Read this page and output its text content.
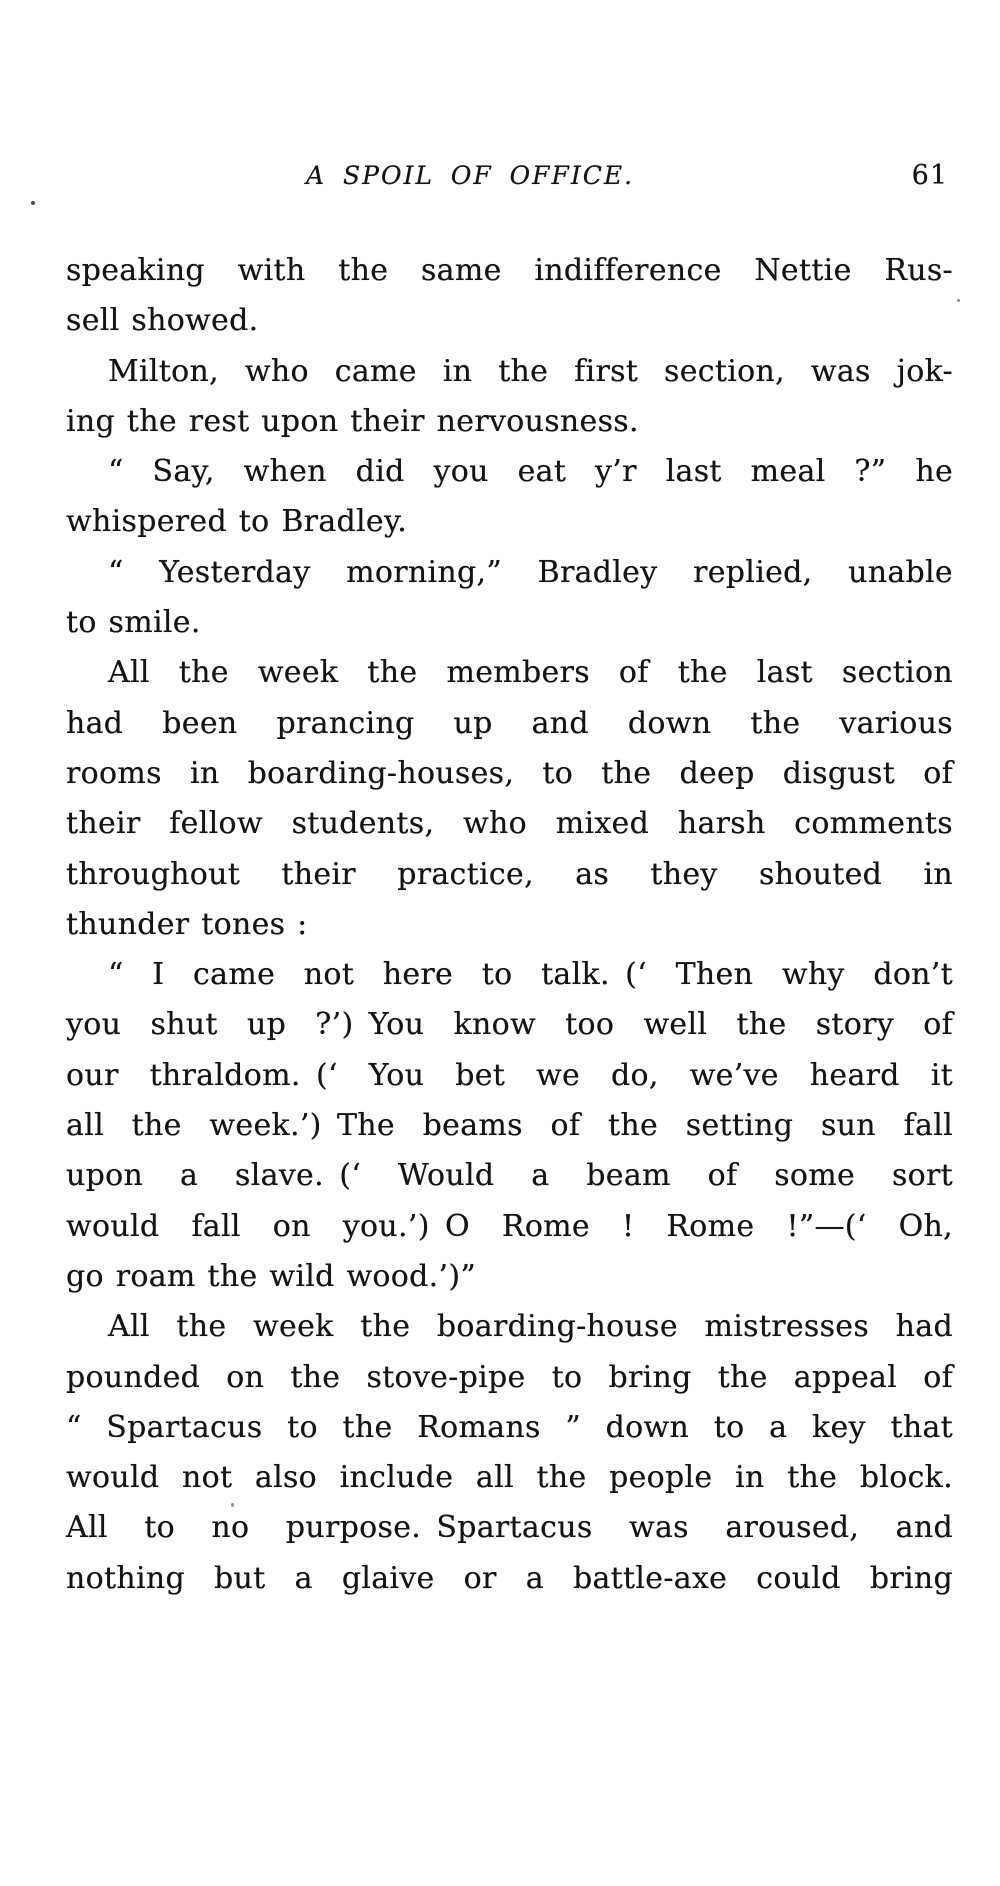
A SPOIL OF OFFICE.	61
speaking with the same indifference Nettie Rus-
sell showed.
Milton, who came in the first section, was jok-
ing the rest upon their nervousness.
“ Say, when did you eat y’r last meal ?” he
whispered to Bradley.
“ Yesterday morning,” Bradley replied, unable
to smile.
All the week the members of the last section
had been prancing up and down the various
rooms in boarding-houses, to the deep disgust of
their fellow students, who mixed harsh comments
throughout their practice, as they shouted in
thunder tones :
“ I came not here to talk. (‘ Then why don’t
you shut up ?’) You know too well the story of
our thraldom. (‘ You bet we do, we’ve heard it
all the week.’) The beams of the setting sun fall
upon a slave. (‘ Would a beam of some sort
would fall on you.’) O Rome ! Rome !”—(‘ Oh,
go roam the wild wood.’)”
All the week the boarding-house mistresses had
pounded on the stove-pipe to bring the appeal of
“ Spartacus to the Romans ” down to a key that
would not also include all the people in the block.
All to no purpose. Spartacus was aroused, and
nothing but a glaive or a battle-axe could bring
